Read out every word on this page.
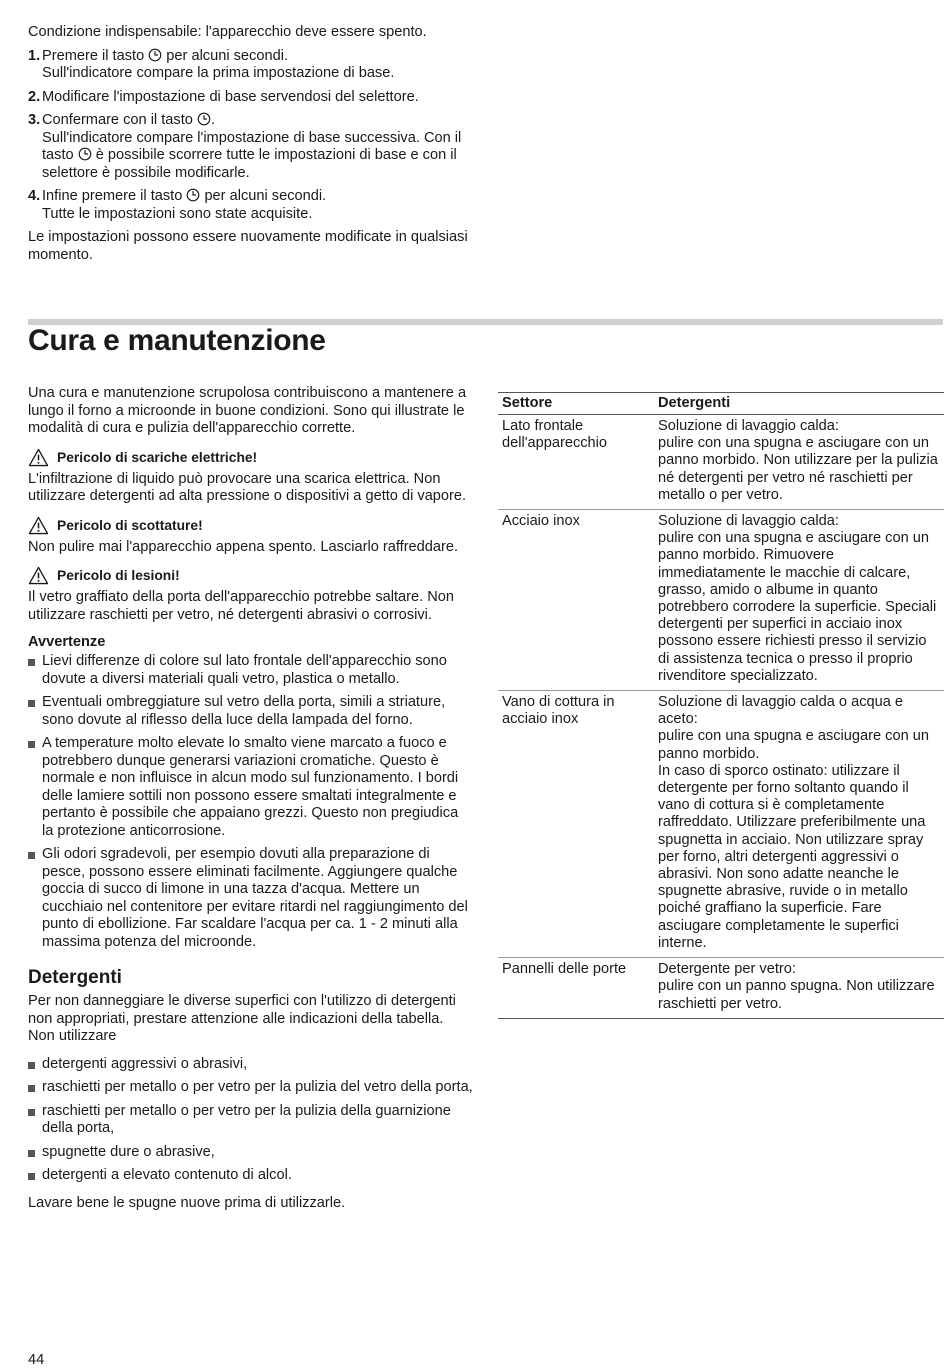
Condizione indispensabile: l'apparecchio deve essere spento.

1. Premere il tasto  per alcuni secondi.
Sull'indicatore compare la prima impostazione di base.
2. Modificare l'impostazione di base servendosi del selettore.
3. Confermare con il tasto .
Sull'indicatore compare l'impostazione di base successiva. Con il tasto  è possibile scorrere tutte le impostazioni di base e con il selettore è possibile modificarle.
4. Infine premere il tasto  per alcuni secondi.
Tutte le impostazioni sono state acquisite.

Le impostazioni possono essere nuovamente modificate in qualsiasi momento.

Cura e manutenzione

Una cura e manutenzione scrupolosa contribuiscono a mantenere a lungo il forno a microonde in buone condizioni. Sono qui illustrate le modalità di cura e pulizia dell'apparecchio corrette.

Pericolo di scariche elettriche!

L'infiltrazione di liquido può provocare una scarica elettrica. Non utilizzare detergenti ad alta pressione o dispositivi a getto di vapore.

Pericolo di scottature!

Non pulire mai l'apparecchio appena spento. Lasciarlo raffreddare.

Pericolo di lesioni!

Il vetro graffiato della porta dell'apparecchio potrebbe saltare. Non utilizzare raschietti per vetro, né detergenti abrasivi o corrosivi.

Avvertenze
Lievi differenze di colore sul lato frontale dell'apparecchio sono dovute a diversi materiali quali vetro, plastica o metallo.
Eventuali ombreggiature sul vetro della porta, simili a striature, sono dovute al riflesso della luce della lampada del forno.
A temperature molto elevate lo smalto viene marcato a fuoco e potrebbero dunque generarsi variazioni cromatiche. Questo è normale e non influisce in alcun modo sul funzionamento. I bordi delle lamiere sottili non possono essere smaltati integralmente e pertanto è possibile che appaiano grezzi. Questo non pregiudica la protezione anticorrosione.
Gli odori sgradevoli, per esempio dovuti alla preparazione di pesce, possono essere eliminati facilmente. Aggiungere qualche goccia di succo di limone in una tazza d'acqua. Mettere un cucchiaio nel contenitore per evitare ritardi nel raggiungimento del punto di ebollizione. Far scaldare l'acqua per ca. 1 - 2 minuti alla massima potenza del microonde.
Detergenti

Per non danneggiare le diverse superfici con l'utilizzo di detergenti non appropriati, prestare attenzione alle indicazioni della tabella. Non utilizzare

detergenti aggressivi o abrasivi,
raschietti per metallo o per vetro per la pulizia del vetro della porta,
raschietti per metallo o per vetro per la pulizia della guarnizione della porta,
spugnette dure o abrasive,
detergenti a elevato contenuto di alcol.

Lavare bene le spugne nuove prima di utilizzarle.

Settore	Detergenti
Lato frontale dell'apparecchio	Soluzione di lavaggio calda:
pulire con una spugna e asciugare con un panno morbido. Non utilizzare per la pulizia né detergenti per vetro né raschietti per metallo o per vetro.

Acciaio inox	Soluzione di lavaggio calda:
pulire con una spugna e asciugare con un panno morbido. Rimuovere immediatamente le macchie di calcare, grasso, amido o albume in quanto potrebbero corrodere la superficie. Speciali detergenti per superfici in acciaio inox possono essere richiesti presso il servizio di assistenza tecnica o presso il proprio rivenditore specializzato.

Vano di cottura in acciaio inox	Soluzione di lavaggio calda o acqua e aceto:
pulire con una spugna e asciugare con un panno morbido.
In caso di sporco ostinato: utilizzare il detergente per forno soltanto quando il vano di cottura si è completamente raffreddato. Utilizzare preferibilmente una spugnetta in acciaio. Non utilizzare spray per forno, altri detergenti aggressivi o abrasivi. Non sono adatte neanche le spugnette abrasive, ruvide o in metallo poiché graffiano la superficie. Fare asciugare completamente le superfici interne.

Pannelli delle porte	Detergente per vetro:
pulire con un panno spugna. Non utilizzare raschietti per vetro.
44
